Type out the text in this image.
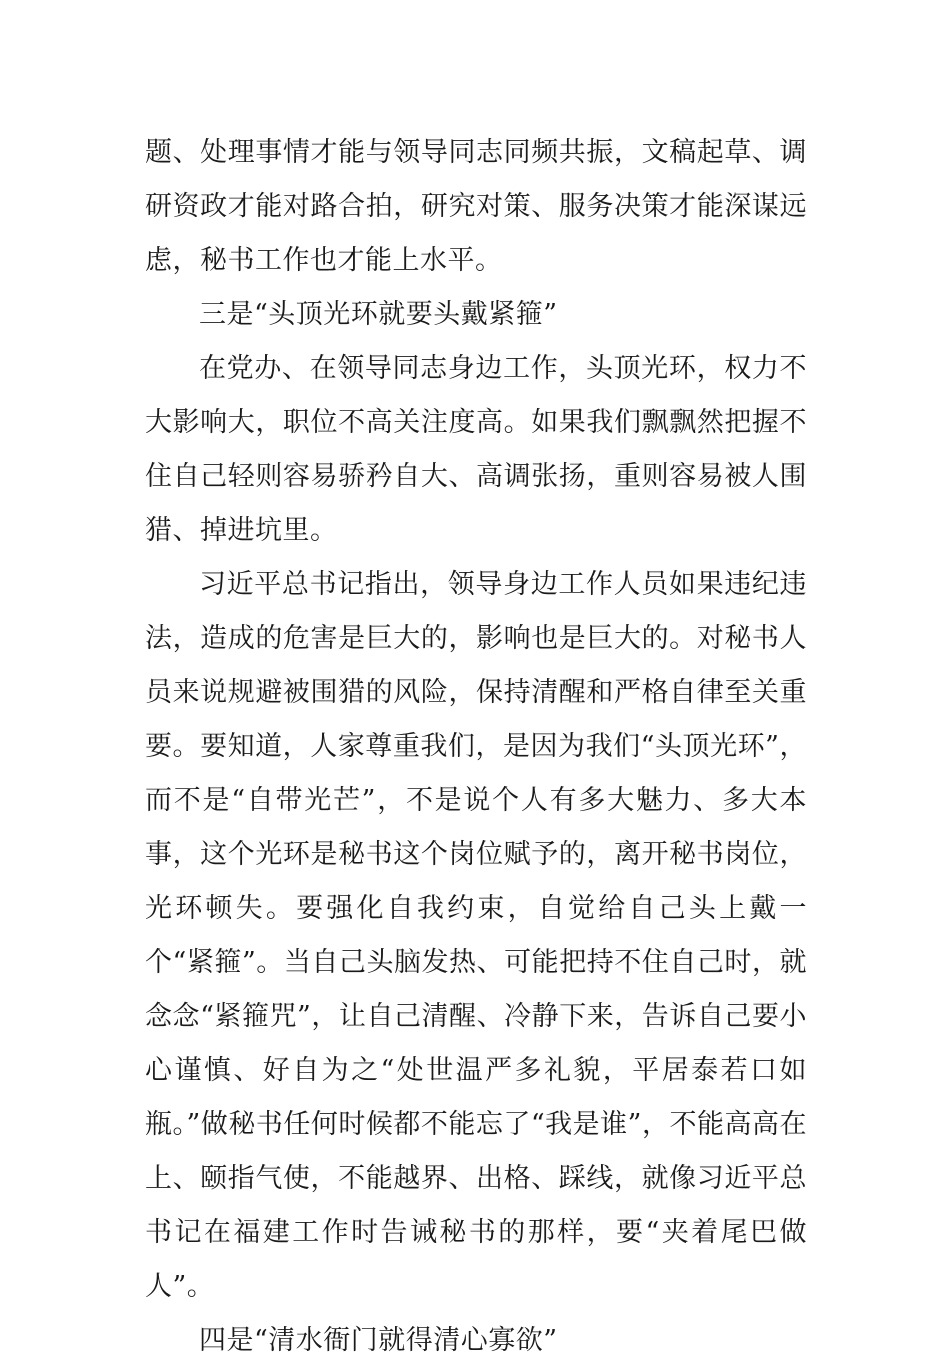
题、处理事情才能与领导同志同频共振，文稿起草、调研资政才能对路合拍，研究对策、服务决策才能深谋远虑，秘书工作也才能上水平。

三是“头顶光环就要头戴紧箍”

在党办、在领导同志身边工作，头顶光环，权力不大影响大，职位不高关注度高。如果我们飘飘然把握不住自己轻则容易骄矜自大、高调张扬，重则容易被人围猎、掉进坑里。

习近平总书记指出，领导身边工作人员如果违纪违法，造成的危害是巨大的，影响也是巨大的。对秘书人员来说规避被围猎的风险，保持清醒和严格自律至关重要。要知道，人家尊重我们，是因为我们“头顶光环”，而不是“自带光芒”，不是说个人有多大魅力、多大本事，这个光环是秘书这个岗位赋予的，离开秘书岗位，光环顿失。要强化自我约束，自觉给自己头上戴一个“紧箍”。当自己头脑发热、可能把持不住自己时，就念念“紧箍咒”，让自己清醒、冷静下来，告诉自己要小心谨慎、好自为之“处世温严多礼貌，平居泰若口如瓶。”做秘书任何时候都不能忘了“我是谁”，不能高高在上、颐指气使，不能越界、出格、踩线，就像习近平总书记在福建工作时告诫秘书的那样，要“夹着尾巴做人”。

四是“清水衙门就得清心寡欲”
